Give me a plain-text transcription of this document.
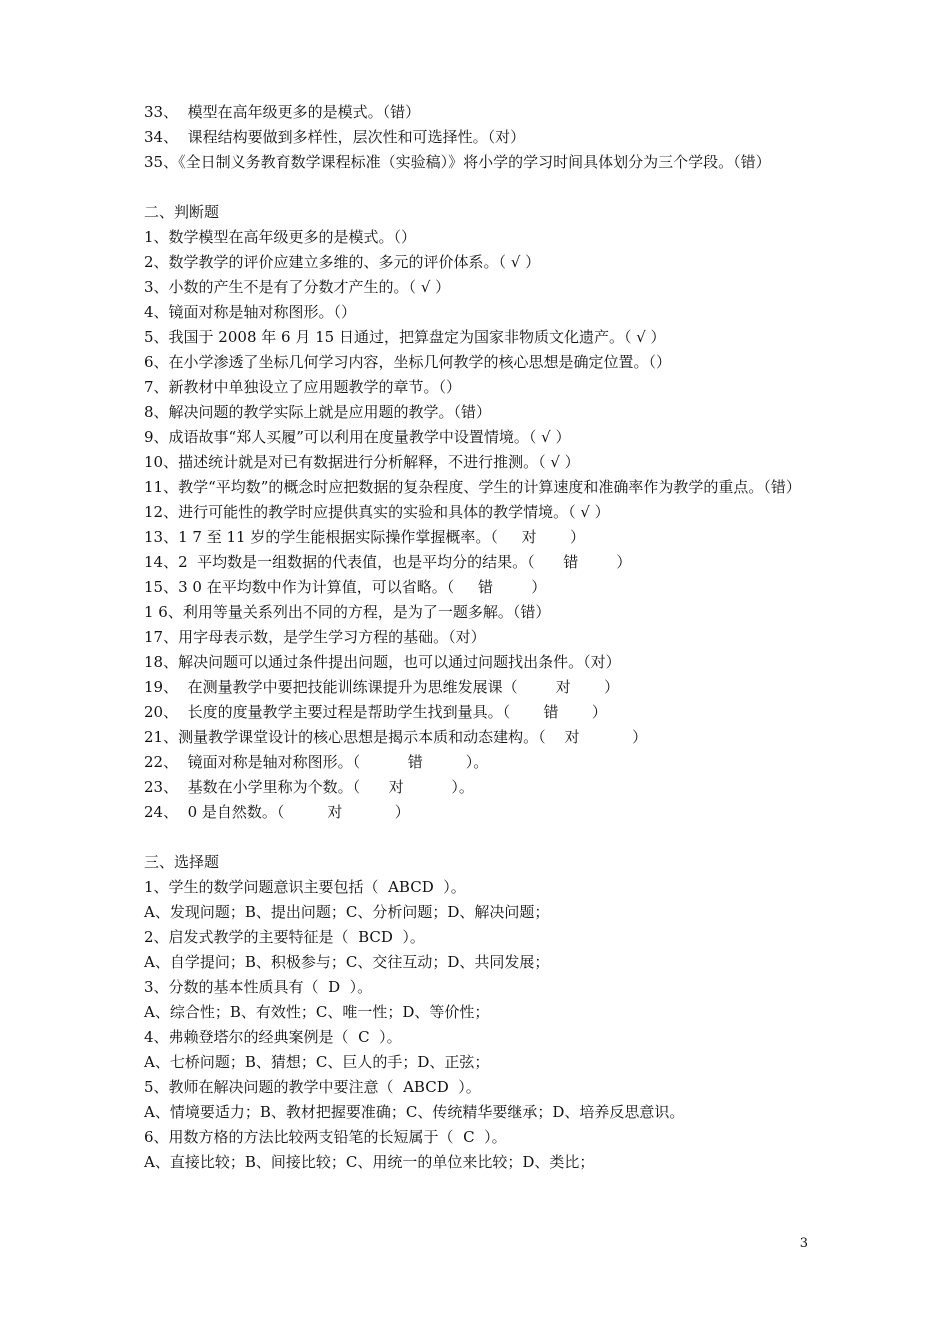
33、  模型在高年级更多的是模式。（错）
34、  课程结构要做到多样性，层次性和可选择性。（对）
35、《全日制义务教育数学课程标准（实验稿）》将小学的学习时间具体划分为三个学段。（错）
二、判断题
1、数学模型在高年级更多的是模式。（）
2、数学教学的评价应建立多维的、多元的评价体系。（ √ ）
3、小数的产生不是有了分数才产生的。（ √ ）
4、镜面对称是轴对称图形。（）
5、我国于 2008 年 6 月 15 日通过，把算盘定为国家非物质文化遗产。（ √ ）
6、在小学渗透了坐标几何学习内容，坐标几何教学的核心思想是确定位置。（）
7、新教材中单独设立了应用题教学的章节。（）
8、解决问题的教学实际上就是应用题的教学。（错）
9、成语故事“郑人买履”可以利用在度量教学中设置情境。（ √ ）
10、描述统计就是对已有数据进行分析解释，不进行推测。（ √ ）
11、教学“平均数”的概念时应把数据的复杂程度、学生的计算速度和准确率作为教学的重点。（错）
12、进行可能性的教学时应提供真实的实验和具体的教学情境。（ √ ）
13、1 7 至 11 岁的学生能根据实际操作掌握概率。（     对       ）
14、2  平均数是一组数据的代表值，也是平均分的结果。（      错        ）
15、3 0 在平均数中作为计算值，可以省略。（     错        ）
1 6、利用等量关系列出不同的方程，是为了一题多解。（错）
17、用字母表示数，是学生学习方程的基础。（对）
18、解决问题可以通过条件提出问题，也可以通过问题找出条件。（对）
19、  在测量教学中要把技能训练课提升为思维发展课（        对       ）
20、  长度的度量教学主要过程是帮助学生找到量具。（       错       ）
21、测量教学课堂设计的核心思想是揭示本质和动态建构。（    对           ）
22、  镜面对称是轴对称图形。（          错         ）。
23、  基数在小学里称为个数。（      对          ）。
24、  0 是自然数。（         对           ）
三、选择题
1、学生的数学问题意识主要包括（  ABCD  ）。
A、发现问题；B、提出问题；C、分析问题；D、解决问题；
2、启发式教学的主要特征是（  BCD  ）。
A、自学提问；B、积极参与；C、交往互动；D、共同发展；
3、分数的基本性质具有（  D  ）。
A、综合性；B、有效性；C、唯一性；D、等价性；
4、弗赖登塔尔的经典案例是（  C  ）。
A、七桥问题；B、猜想；C、巨人的手；D、正弦；
5、教师在解决问题的教学中要注意（  ABCD  ）。
A、情境要适力；B、教材把握要准确；C、传统精华要继承；D、培养反思意识。
6、用数方格的方法比较两支铅笔的长短属于（  C  ）。
A、直接比较；B、间接比较；C、用统一的单位来比较；D、类比；
3
